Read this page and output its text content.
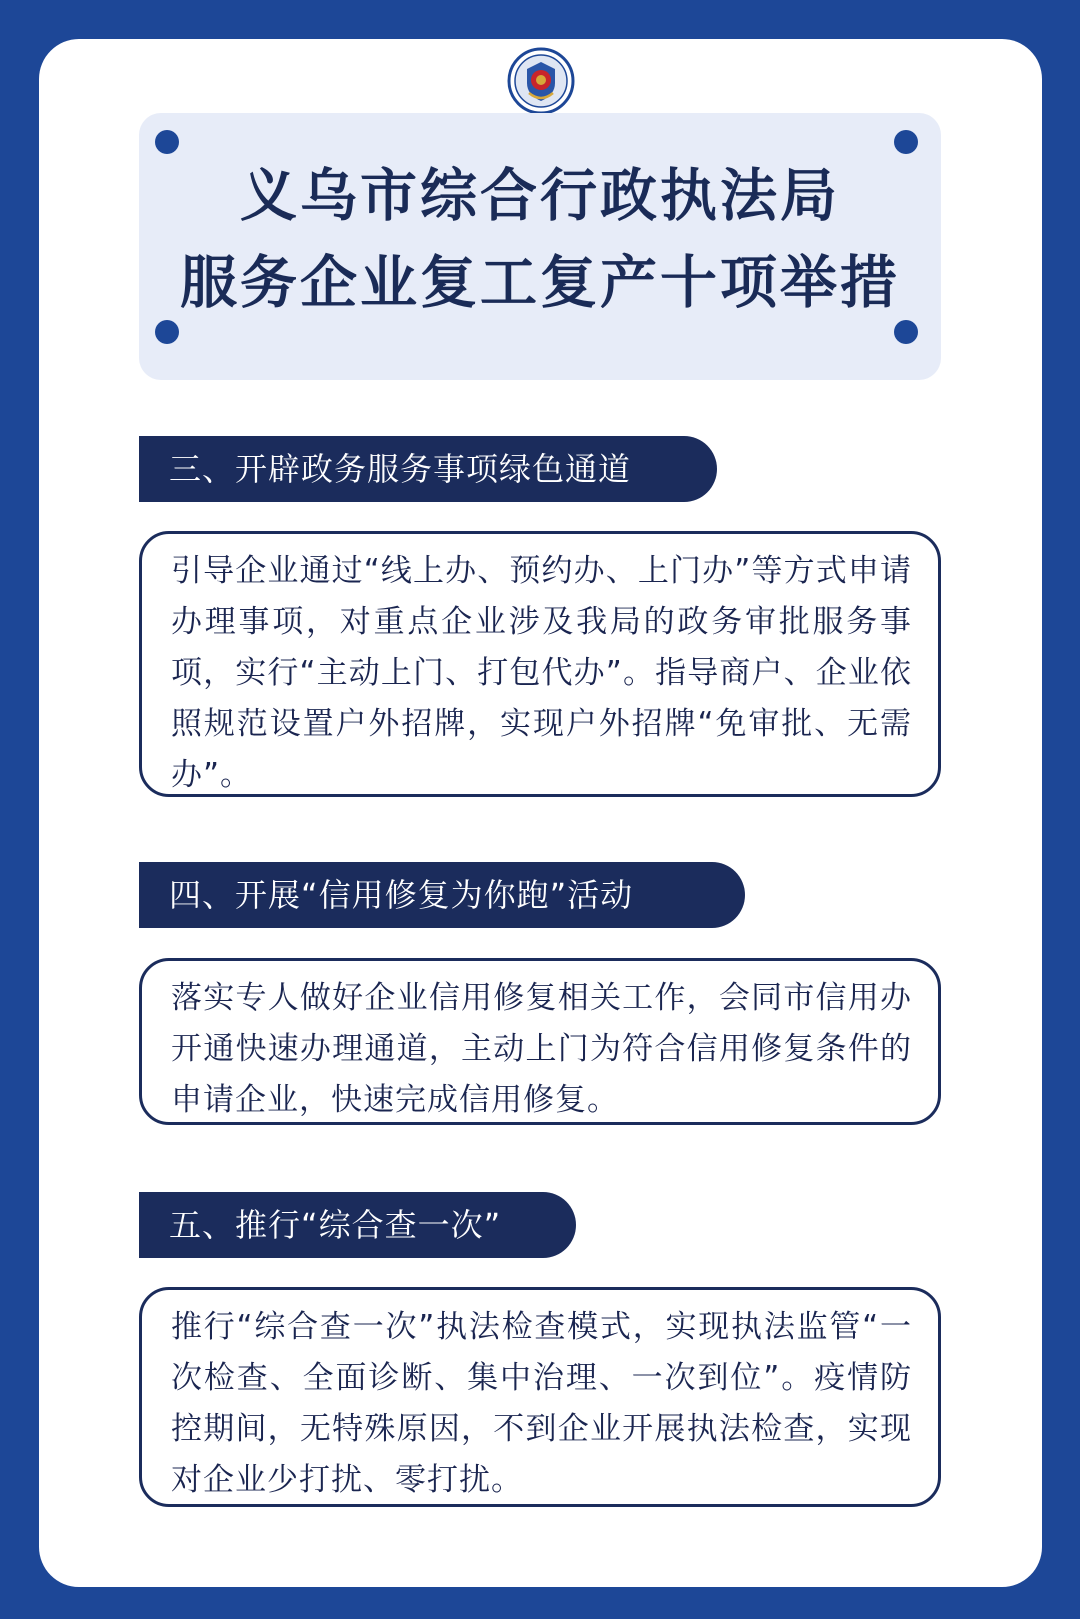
义乌市综合行政执法局
服务企业复工复产十项举措
三、开辟政务服务事项绿色通道

引导企业通过“线上办、预约办、上门办”等方式申请办理事项，对重点企业涉及我局的政务审批服务事项，实行“主动上门、打包代办”。指导商户、企业依照规范设置户外招牌，实现户外招牌“免审批、无需办”。

四、开展“信用修复为你跑”活动

落实专人做好企业信用修复相关工作，会同市信用办开通快速办理通道，主动上门为符合信用修复条件的申请企业，快速完成信用修复。

五、推行“综合查一次”

推行“综合查一次”执法检查模式，实现执法监管“一次检查、全面诊断、集中治理、一次到位”。疫情防控期间，无特殊原因，不到企业开展执法检查，实现对企业少打扰、零打扰。
